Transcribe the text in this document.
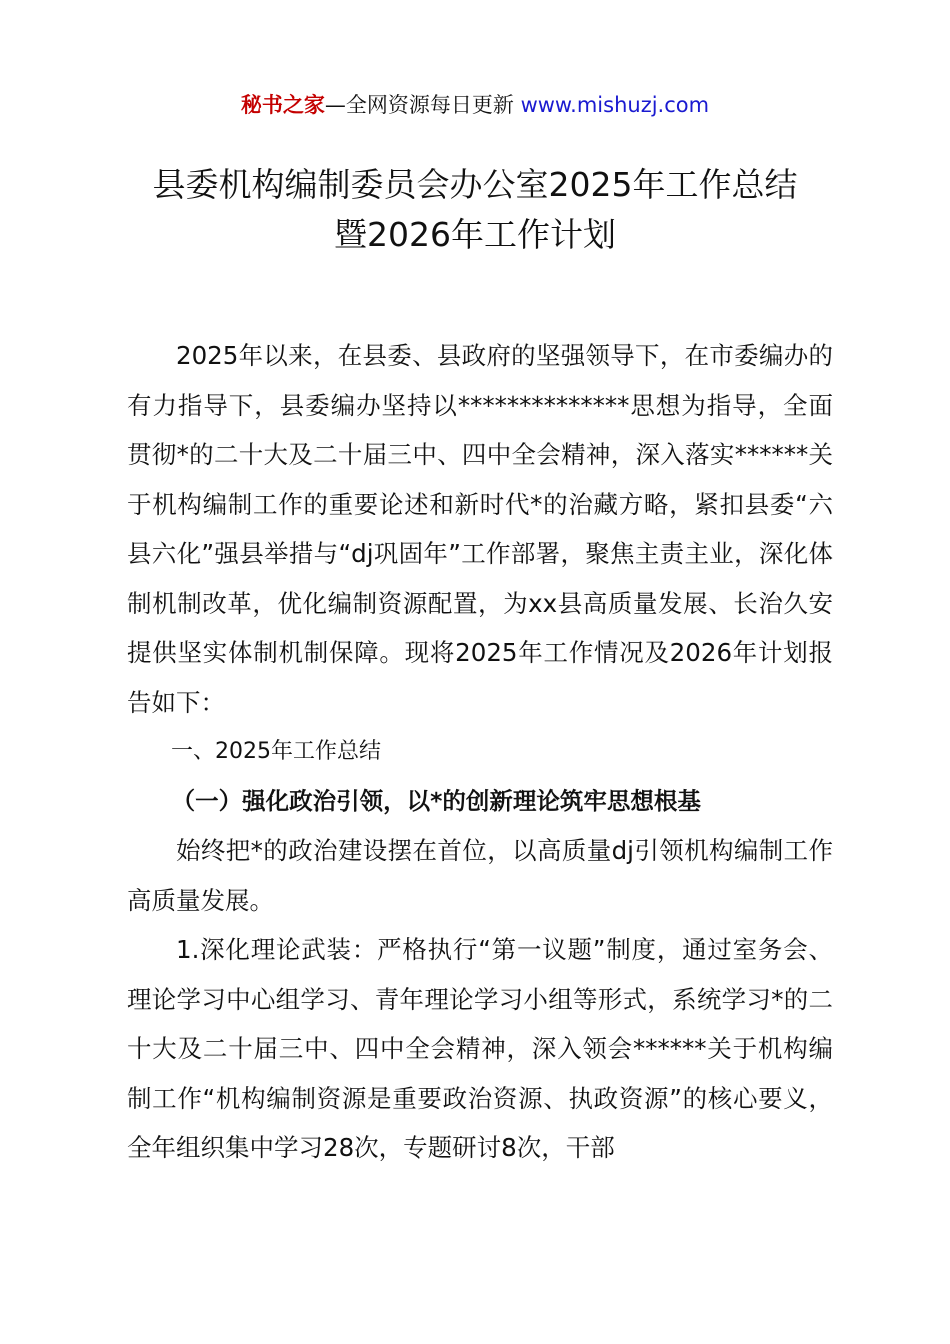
秘书之家—全网资源每日更新 www.mishuzj.com
县委机构编制委员会办公室2025年工作总结
暨2026年工作计划

2025年以来，在县委、县政府的坚强领导下，在市委编办的有力指导下，县委编办坚持以**************思想为指导，全面贯彻*的二十大及二十届三中、四中全会精神，深入落实******关于机构编制工作的重要论述和新时代*的治藏方略，紧扣县委“六县六化”强县举措与“dj巩固年”工作部署，聚焦主责主业，深化体制机制改革，优化编制资源配置，为xx县高质量发展、长治久安提供坚实体制机制保障。现将2025年工作情况及2026年计划报告如下：

一、2025年工作总结

（一）强化政治引领，以*的创新理论筑牢思想根基

始终把*的政治建设摆在首位，以高质量dj引领机构编制工作高质量发展。

1.深化理论武装：严格执行“第一议题”制度，通过室务会、理论学习中心组学习、青年理论学习小组等形式，系统学习*的二十大及二十届三中、四中全会精神，深入领会******关于机构编制工作“机构编制资源是重要政治资源、执政资源”的核心要义，全年组织集中学习28次，专题研讨8次，干部
